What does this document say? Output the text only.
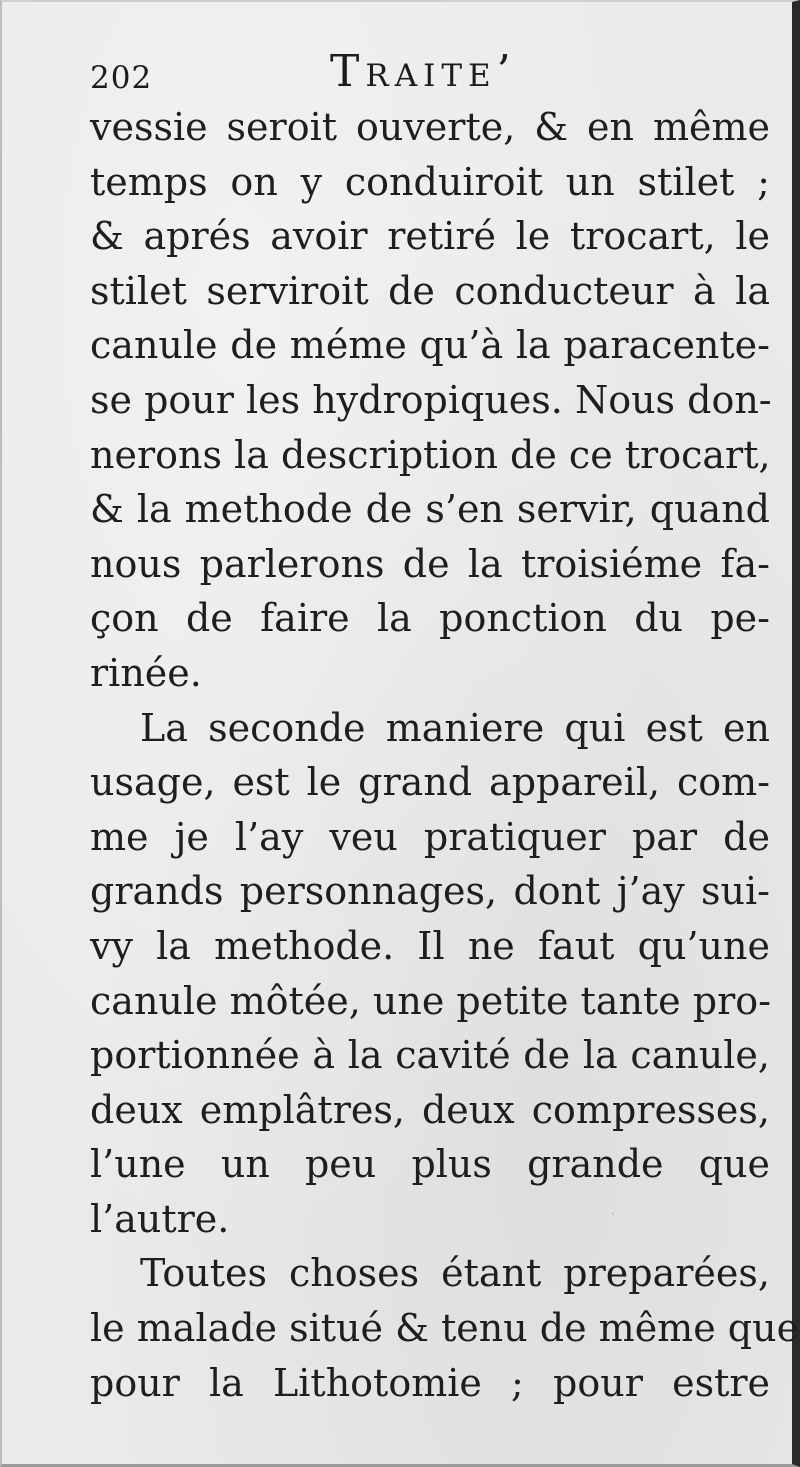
202	Traite’
vessie seroit ouverte, & en même
temps on y conduiroit un stilet ;
& aprés avoir retiré le trocart, le
stilet serviroit de conducteur à la
canule de méme qu’à la paracente-
se pour les hydropiques. Nous don-
nerons la description de ce trocart,
& la methode de s’en servir, quand
nous parlerons de la troisiéme fa-
çon de faire la ponction du pe-
rinée.
La seconde maniere qui est en
usage, est le grand appareil, com-
me je l’ay veu pratiquer par de
grands personnages, dont j’ay sui-
vy la methode. Il ne faut qu’une
canule môtée, une petite tante pro-
portionnée à la cavité de la canule,
deux emplâtres, deux compresses,
l’une un peu plus grande que
l’autre.
Toutes choses étant preparées,
le malade situé & tenu de même que
pour la Lithotomie ; pour estre
